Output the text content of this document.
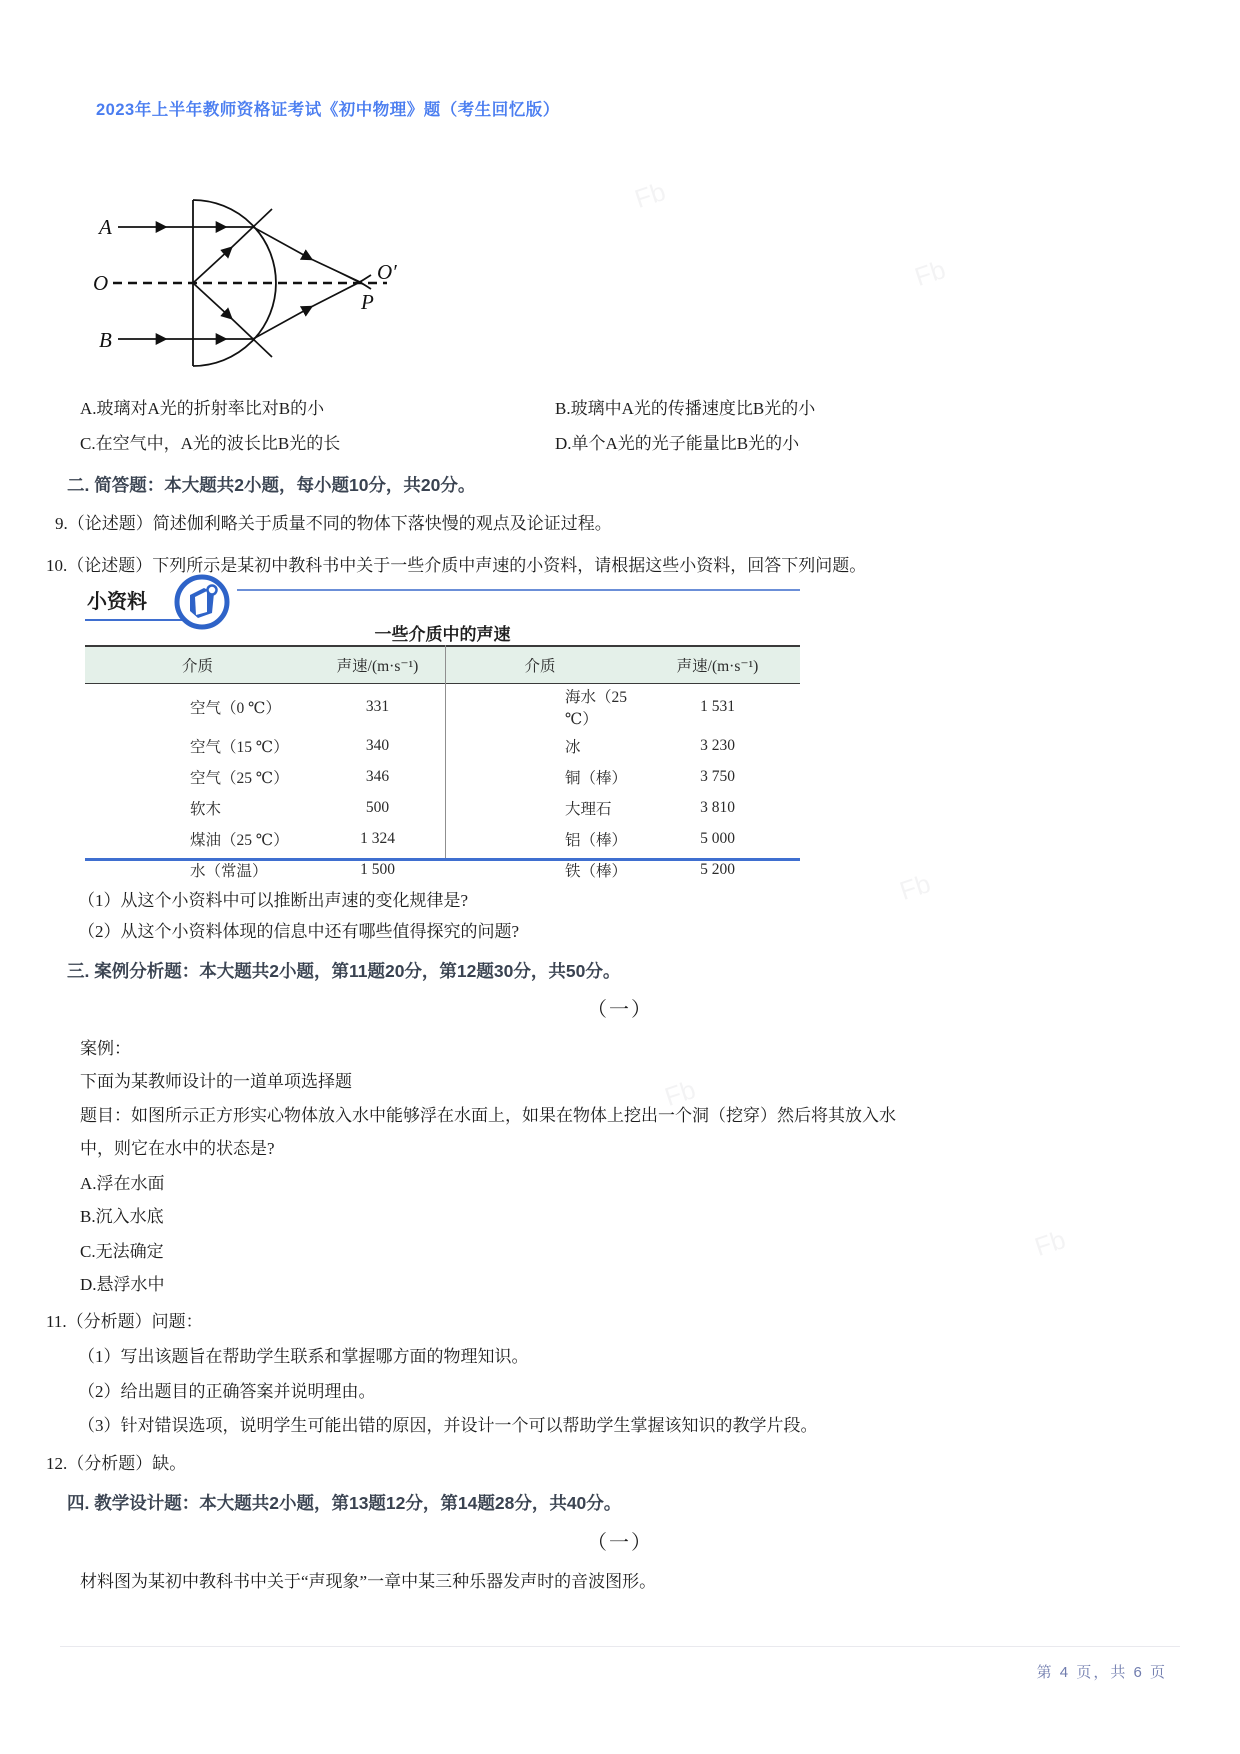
Fb
Fb
Fb
Fb
Fb
2023年上半年教师资格证考试《初中物理》题（考生回忆版）
A
O
B
O′
P
A.玻璃对A光的折射率比对B的小	B.玻璃中A光的传播速度比B光的小
C.在空气中，A光的波长比B光的长	D.单个A光的光子能量比B光的小
二. 简答题：本大题共2小题，每小题10分，共20分。
9.（论述题）简述伽利略关于质量不同的物体下落快慢的观点及论证过程。
10.（论述题）下列所示是某初中教科书中关于一些介质中声速的小资料，请根据这些小资料，回答下列问题。
小资料
一些介质中的声速
介质	声速/(m·s⁻¹)	介质	声速/(m·s⁻¹)
空气（0 ℃）	331	海水（25 ℃）	1 531
空气（15 ℃）	340	冰	3 230
空气（25 ℃）	346	铜（棒）	3 750
软木	500	大理石	3 810
煤油（25 ℃）	1 324	铝（棒）	5 000
水（常温）	1 500	铁（棒）	5 200
（1）从这个小资料中可以推断出声速的变化规律是?
（2）从这个小资料体现的信息中还有哪些值得探究的问题?
三. 案例分析题：本大题共2小题，第11题20分，第12题30分，共50分。
（一）
案例：
下面为某教师设计的一道单项选择题
题目：如图所示正方形实心物体放入水中能够浮在水面上，如果在物体上挖出一个洞（挖穿）然后将其放入水
中，则它在水中的状态是?
A.浮在水面
B.沉入水底
C.无法确定
D.悬浮水中
11.（分析题）问题：
（1）写出该题旨在帮助学生联系和掌握哪方面的物理知识。
（2）给出题目的正确答案并说明理由。
（3）针对错误选项，说明学生可能出错的原因，并设计一个可以帮助学生掌握该知识的教学片段。
12.（分析题）缺。
四. 教学设计题：本大题共2小题，第13题12分，第14题28分，共40分。
（一）
材料图为某初中教科书中关于“声现象”一章中某三种乐器发声时的音波图形。
第 4 页，共 6 页
